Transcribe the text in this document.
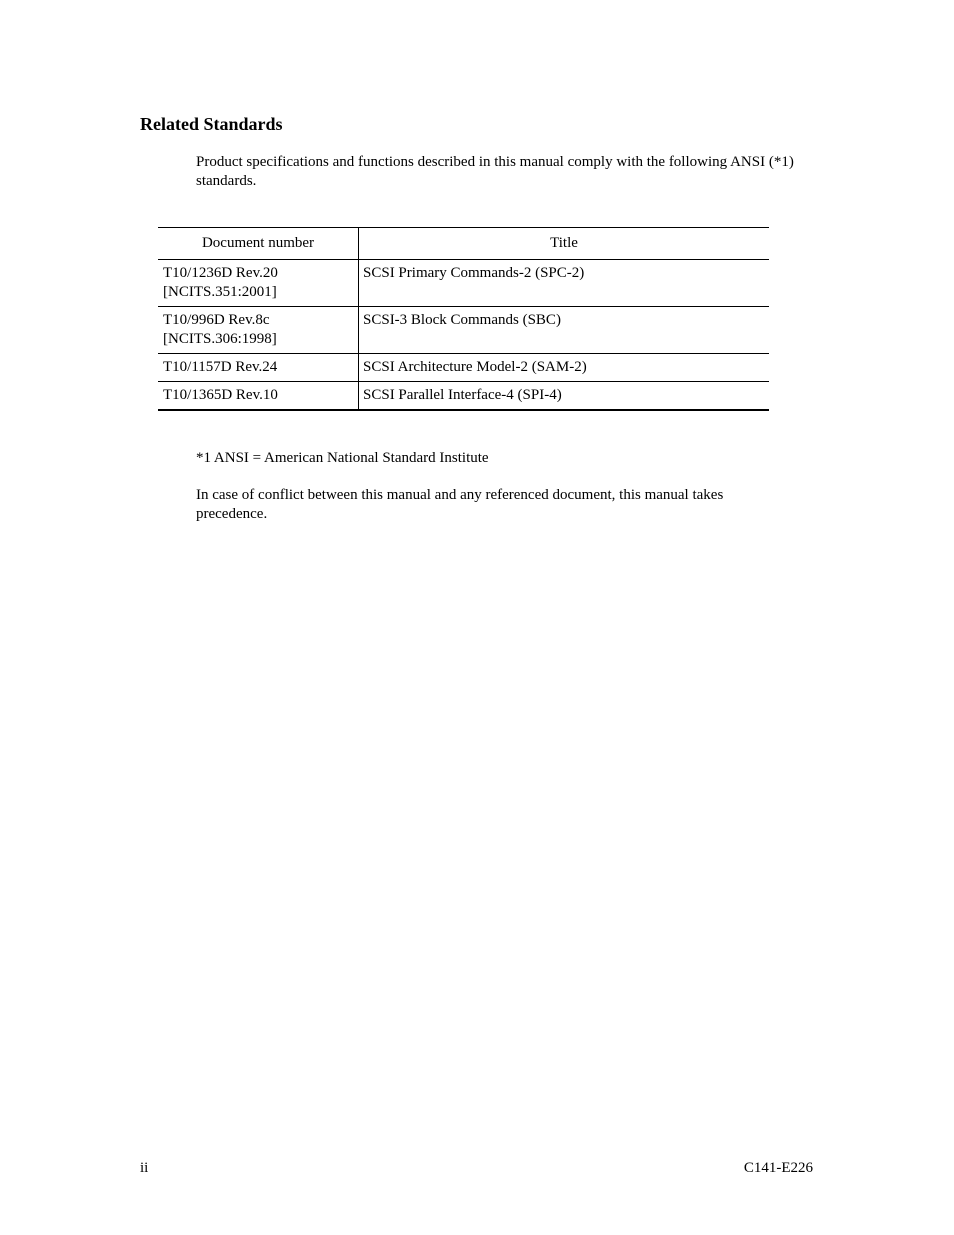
Related Standards

Product specifications and functions described in this manual comply with the following ANSI (*1) standards.

Document number	Title

T10/1236D Rev.20
[NCITS.351:2001]	SCSI Primary Commands-2 (SPC-2)

T10/996D Rev.8c
[NCITS.306:1998]	SCSI-3 Block Commands (SBC)

T10/1157D Rev.24	SCSI Architecture Model-2 (SAM-2)

T10/1365D Rev.10	SCSI Parallel Interface-4 (SPI-4)

*1 ANSI = American National Standard Institute

In case of conflict between this manual and any referenced document, this manual takes precedence.

ii	C141-E226
